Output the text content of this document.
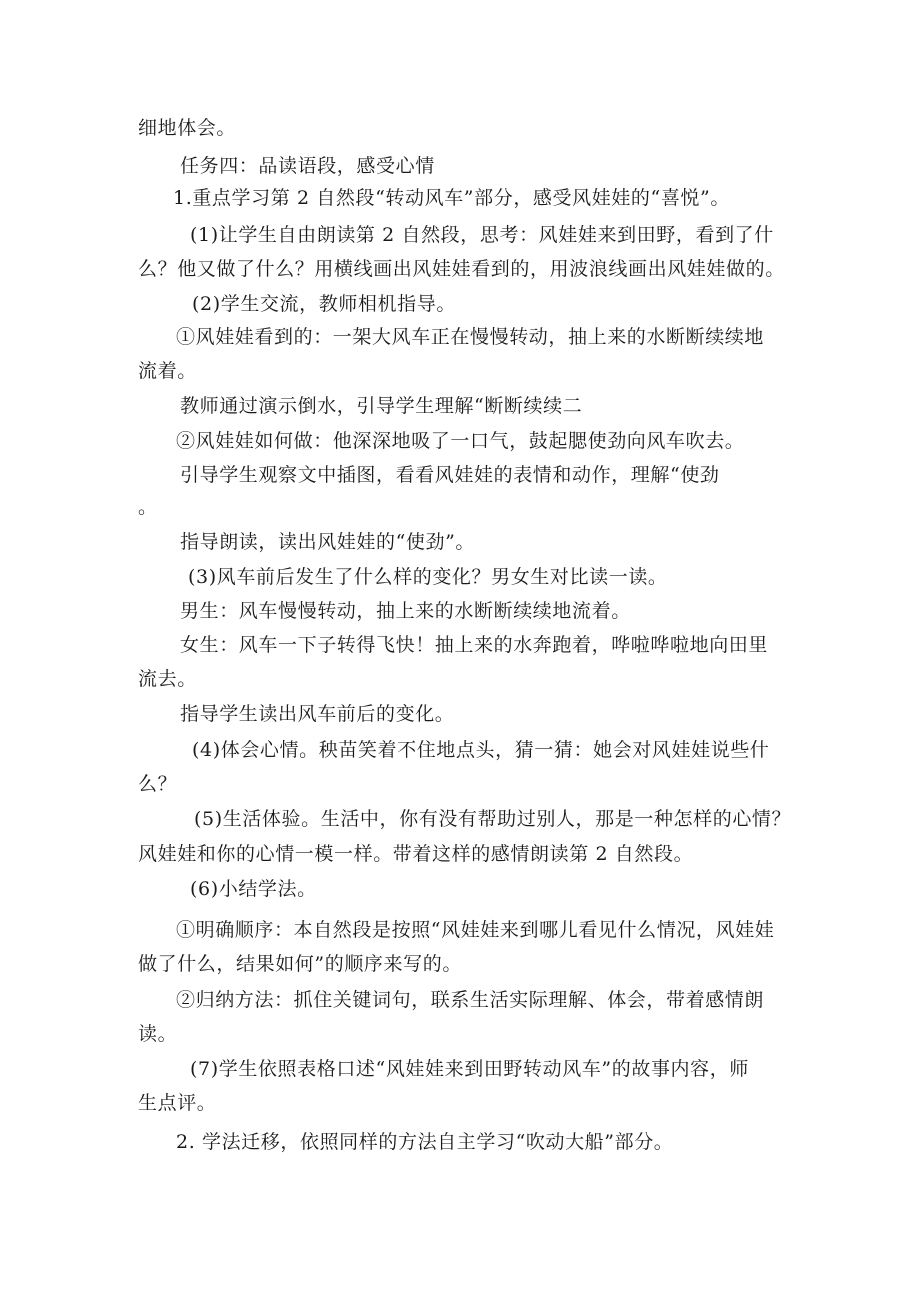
细地体会。
任务四：品读语段，感受心情
1.重点学习第 2 自然段“转动风车”部分，感受风娃娃的“喜悦”。
(1)让学生自由朗读第 2 自然段，思考：风娃娃来到田野，看到了什
么？他又做了什么？用横线画出风娃娃看到的，用波浪线画出风娃娃做的。
(2)学生交流，教师相机指导。
①风娃娃看到的：一架大风车正在慢慢转动，抽上来的水断断续续地
流着。
教师通过演示倒水，引导学生理解“断断续续二
②风娃娃如何做：他深深地吸了一口气，鼓起腮使劲向风车吹去。
引导学生观察文中插图，看看风娃娃的表情和动作，理解“使劲
。
指导朗读，读出风娃娃的“使劲”。
(3)风车前后发生了什么样的变化？男女生对比读一读。
男生：风车慢慢转动，抽上来的水断断续续地流着。
女生：风车一下子转得飞快！抽上来的水奔跑着，哗啦哗啦地向田里
流去。
指导学生读出风车前后的变化。
(4)体会心情。秧苗笑着不住地点头，猜一猜：她会对风娃娃说些什
么？
(5)生活体验。生活中，你有没有帮助过别人，那是一种怎样的心情？
风娃娃和你的心情一模一样。带着这样的感情朗读第 2 自然段。
(6)小结学法。
①明确顺序：本自然段是按照“风娃娃来到哪儿看见什么情况，风娃娃
做了什么，结果如何”的顺序来写的。
②归纳方法：抓住关键词句，联系生活实际理解、体会，带着感情朗
读。
(7)学生依照表格口述“风娃娃来到田野转动风车”的故事内容，师
生点评。
2. 学法迁移，依照同样的方法自主学习“吹动大船”部分。
